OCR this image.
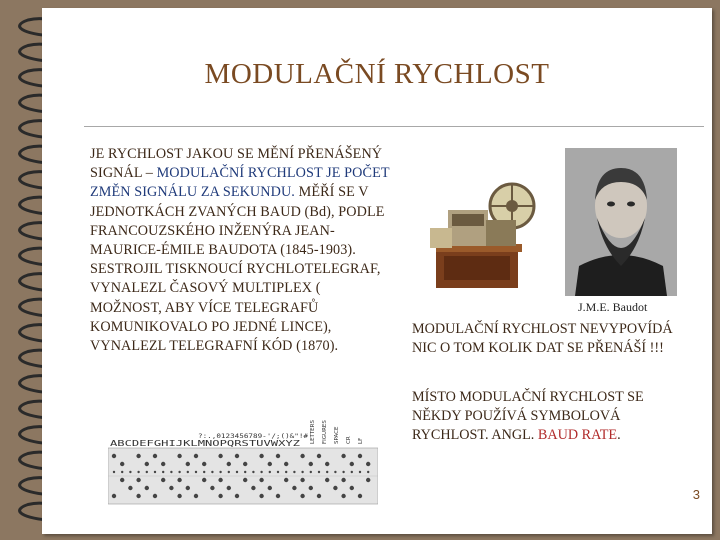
MODULAČNÍ RYCHLOST
JE RYCHLOST JAKOU SE MĚNÍ PŘENÁŠENÝ SIGNÁL – MODULAČNÍ RYCHLOST JE POČET ZMĚN SIGNÁLU ZA SEKUNDU. MĚŘÍ SE V JEDNOTKÁCH ZVANÝCH BAUD (Bd), PODLE FRANCOUZSKÉHO INŽENÝRA JEAN-MAURICE-ÉMILE BAUDOTA (1845-1903). SESTROJIL TISKNOUCÍ RYCHLOTELEGRAF, VYNALEZL ČASOVÝ MULTIPLEX ( MOŽNOST, ABY VÍCE TELEGRAFŮ KOMUNIKOVALO PO JEDNÉ LINCE), VYNALEZL TELEGRAFNÍ KÓD (1870).
J.M.E. Baudot
MODULAČNÍ RYCHLOST NEVYPOVÍDÁ NIC O TOM KOLIK DAT SE PŘENÁŠÍ !!!
MÍSTO MODULAČNÍ RYCHLOST SE NĚKDY POUŽÍVÁ SYMBOLOVÁ RYCHLOST. ANGL. BAUD RATE.
ABCDEFGHIJKLMNOPQRSTUVWXYZ
?:.,0123456789-'/;()&"!# LETTERS FIGURES SPACE CR LF
3
